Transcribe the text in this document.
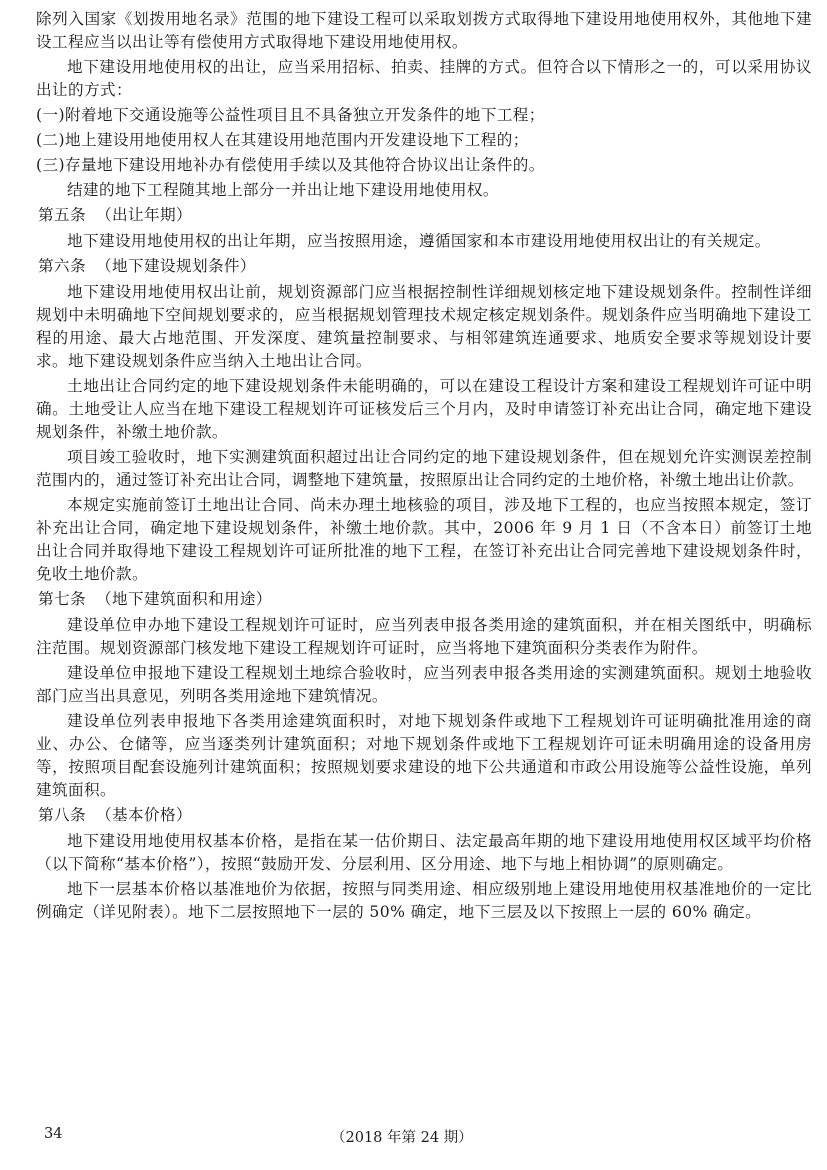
除列入国家《划拨用地名录》范围的地下建设工程可以采取划拨方式取得地下建设用地使用权外，其他地下建设工程应当以出让等有偿使用方式取得地下建设用地使用权。

地下建设用地使用权的出让，应当采用招标、拍卖、挂牌的方式。但符合以下情形之一的，可以采用协议出让的方式：

(一)附着地下交通设施等公益性项目且不具备独立开发条件的地下工程；

(二)地上建设用地使用权人在其建设用地范围内开发建设地下工程的；

(三)存量地下建设用地补办有偿使用手续以及其他符合协议出让条件的。

结建的地下工程随其地上部分一并出让地下建设用地使用权。

第五条 （出让年期）

地下建设用地使用权的出让年期，应当按照用途，遵循国家和本市建设用地使用权出让的有关规定。

第六条 （地下建设规划条件）

地下建设用地使用权出让前，规划资源部门应当根据控制性详细规划核定地下建设规划条件。控制性详细规划中未明确地下空间规划要求的，应当根据规划管理技术规定核定规划条件。规划条件应当明确地下建设工程的用途、最大占地范围、开发深度、建筑量控制要求、与相邻建筑连通要求、地质安全要求等规划设计要求。地下建设规划条件应当纳入土地出让合同。

土地出让合同约定的地下建设规划条件未能明确的，可以在建设工程设计方案和建设工程规划许可证中明确。土地受让人应当在地下建设工程规划许可证核发后三个月内，及时申请签订补充出让合同，确定地下建设规划条件，补缴土地价款。

项目竣工验收时，地下实测建筑面积超过出让合同约定的地下建设规划条件，但在规划允许实测误差控制范围内的，通过签订补充出让合同，调整地下建筑量，按照原出让合同约定的土地价格，补缴土地出让价款。

本规定实施前签订土地出让合同、尚未办理土地核验的项目，涉及地下工程的，也应当按照本规定，签订补充出让合同，确定地下建设规划条件，补缴土地价款。其中，2006 年 9 月 1 日（不含本日）前签订土地出让合同并取得地下建设工程规划许可证所批准的地下工程，在签订补充出让合同完善地下建设规划条件时，免收土地价款。

第七条 （地下建筑面积和用途）

建设单位申办地下建设工程规划许可证时，应当列表申报各类用途的建筑面积，并在相关图纸中，明确标注范围。规划资源部门核发地下建设工程规划许可证时，应当将地下建筑面积分类表作为附件。

建设单位申报地下建设工程规划土地综合验收时，应当列表申报各类用途的实测建筑面积。规划土地验收部门应当出具意见，列明各类用途地下建筑情况。

建设单位列表申报地下各类用途建筑面积时，对地下规划条件或地下工程规划许可证明确批准用途的商业、办公、仓储等，应当逐类列计建筑面积；对地下规划条件或地下工程规划许可证未明确用途的设备用房等，按照项目配套设施列计建筑面积；按照规划要求建设的地下公共通道和市政公用设施等公益性设施，单列建筑面积。

第八条 （基本价格）

地下建设用地使用权基本价格，是指在某一估价期日、法定最高年期的地下建设用地使用权区域平均价格（以下简称“基本价格”），按照“鼓励开发、分层利用、区分用途、地下与地上相协调”的原则确定。

地下一层基本价格以基准地价为依据，按照与同类用途、相应级别地上建设用地使用权基准地价的一定比例确定（详见附表）。地下二层按照地下一层的 50% 确定，地下三层及以下按照上一层的 60% 确定。

34	（2018 年第 24 期）
